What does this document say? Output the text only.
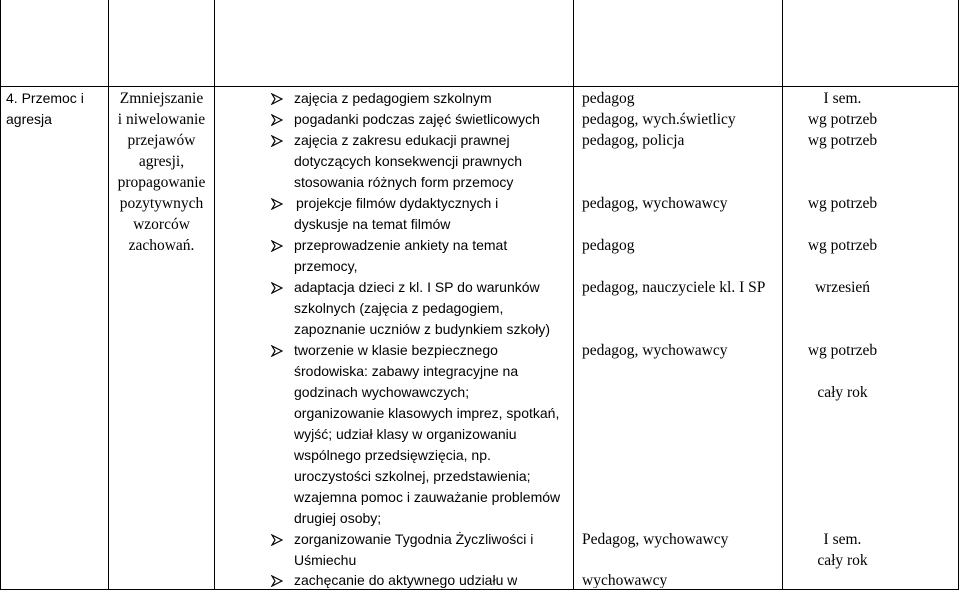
4. Przemoc i
agresja
Zmniejszanie
i niwelowanie
przejawów
agresji,
propagowanie
pozytywnych
wzorców
zachowań.
zajęcia z pedagogiem szkolnym
pogadanki podczas zajęć świetlicowych
zajęcia z zakresu edukacji prawnej
dotyczących konsekwencji prawnych
stosowania różnych form przemocy
projekcje filmów dydaktycznych i
dyskusje na temat filmów
przeprowadzenie ankiety na temat
przemocy,
adaptacja dzieci z kl. I SP do warunków
szkolnych (zajęcia z pedagogiem,
zapoznanie uczniów z budynkiem szkoły)
tworzenie w klasie bezpiecznego
środowiska: zabawy integracyjne na
godzinach wychowawczych;
organizowanie klasowych imprez, spotkań,
wyjść; udział klasy w organizowaniu
wspólnego przedsięwzięcia, np.
uroczystości szkolnej, przedstawienia;
wzajemna pomoc i zauważanie problemów
drugiej osoby;
zorganizowanie Tygodnia Życzliwości i
Uśmiechu
zachęcanie do aktywnego udziału w
pedagog
pedagog, wych.świetlicy
pedagog, policja
pedagog, wychowawcy
pedagog
pedagog, nauczyciele kl. I SP
pedagog, wychowawcy
Pedagog, wychowawcy
wychowawcy
I sem.
wg potrzeb
wg potrzeb
wg potrzeb
wg potrzeb
wrzesień
wg potrzeb
cały rok
I sem.
cały rok
